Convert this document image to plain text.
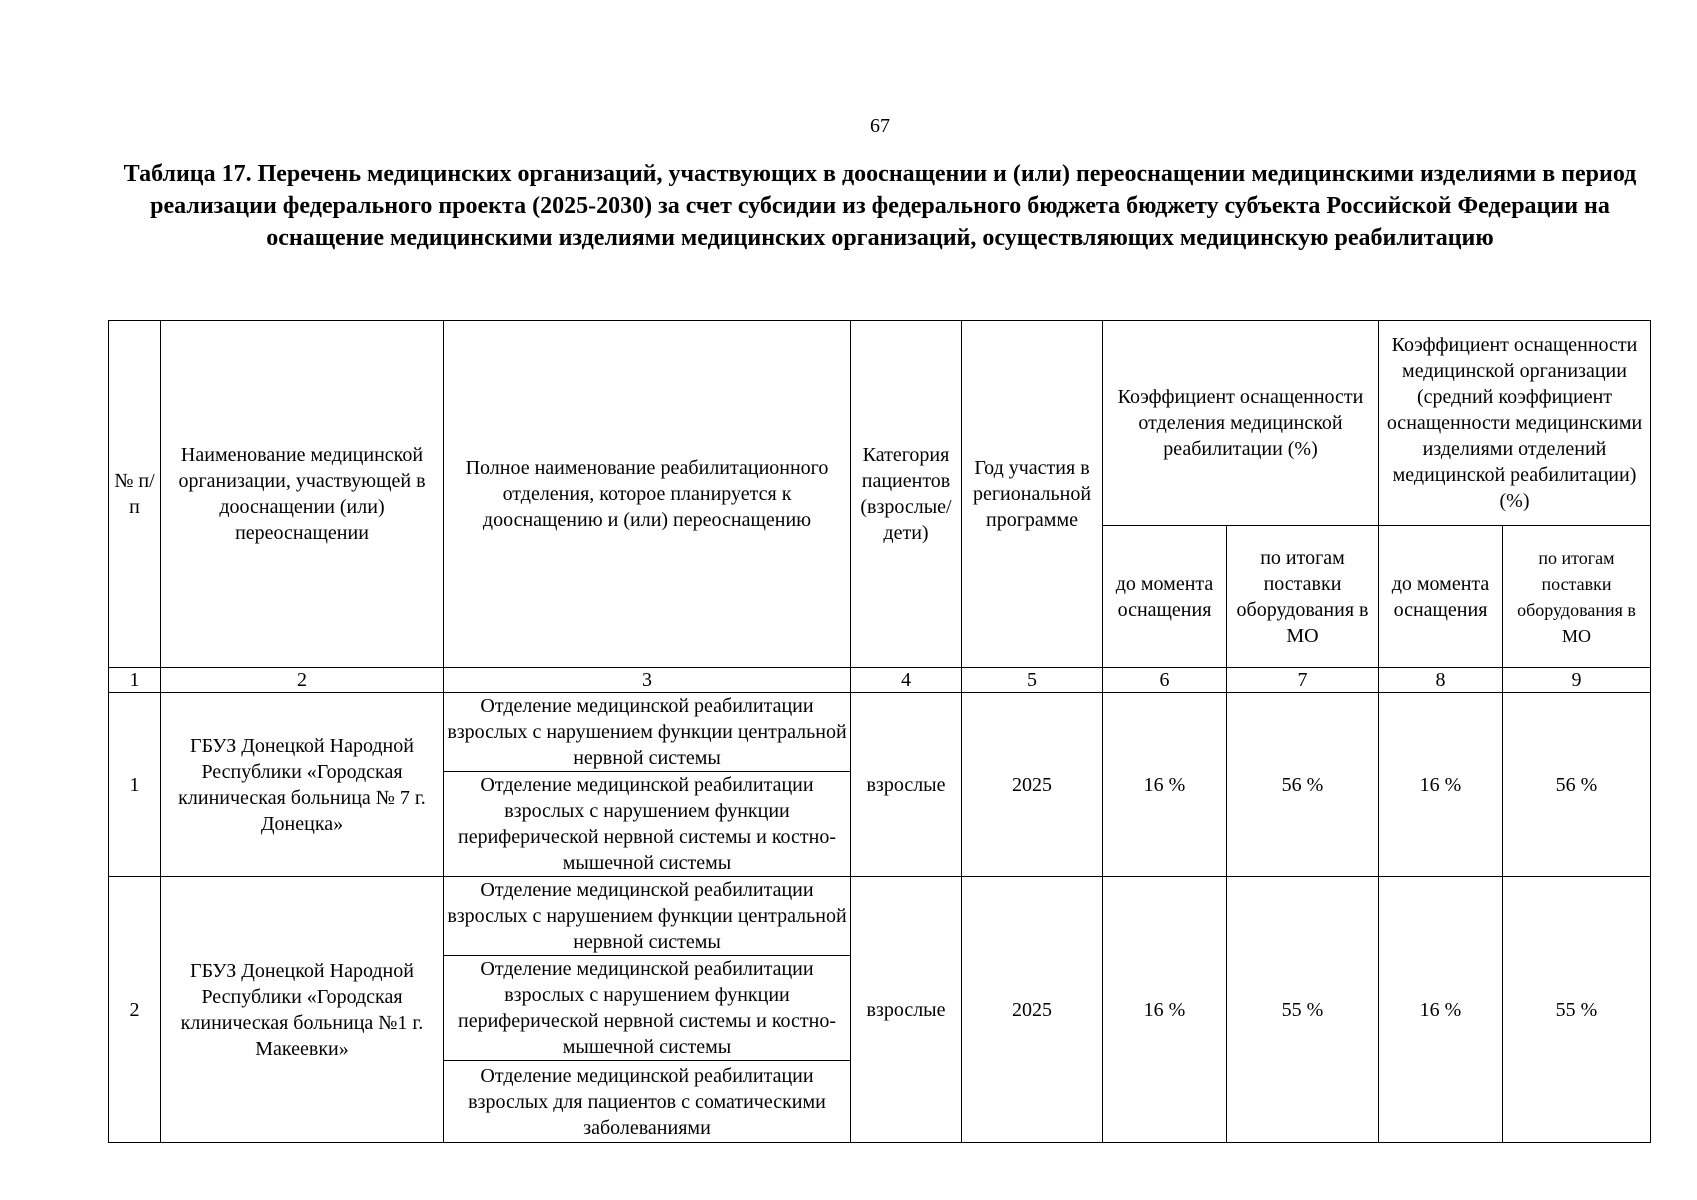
67
Таблица 17. Перечень медицинских организаций, участвующих в дооснащении и (или) переоснащении медицинскими изделиями в период реализации федерального проекта (2025-2030) за счет субсидии из федерального бюджета бюджету субъекта Российской Федерации на оснащение медицинскими изделиями медицинских организаций, осуществляющих медицинскую реабилитацию
№ п/п	Наименование медицинской организации, участвующей в дооснащении (или) переоснащении	Полное наименование реабилитационного отделения, которое планируется к дооснащению и (или) переоснащению	Категория пациентов (взрослые/ дети)	Год участия в региональной программе	Коэффициент оснащенности отделения медицинской реабилитации (%)		Коэффициент оснащенности медицинской организации (средний коэффициент оснащенности медицинскими изделиями отделений медицинской реабилитации) (%)	
					до момента оснащения	по итогам поставки оборудования в МО	до момента оснащения	по итогам поставки оборудования в МО
1	2	3	4	5	6	7	8	9
1	ГБУЗ Донецкой Народной Республики «Городская клиническая больница № 7 г. Донецка»	Отделение медицинской реабилитации взрослых с нарушением функции центральной нервной системы	взрослые	2025	16 %	56 %	16 %	56 %
		Отделение медицинской реабилитации взрослых с нарушением функции периферической нервной системы и костно-мышечной системы						
2	ГБУЗ Донецкой Народной Республики «Городская клиническая больница №1 г. Макеевки»	Отделение медицинской реабилитации взрослых с нарушением функции центральной нервной системы	взрослые	2025	16 %	55 %	16 %	55 %
		Отделение медицинской реабилитации взрослых с нарушением функции периферической нервной системы и костно-мышечной системы						
		Отделение медицинской реабилитации взрослых для пациентов с соматическими заболеваниями						
